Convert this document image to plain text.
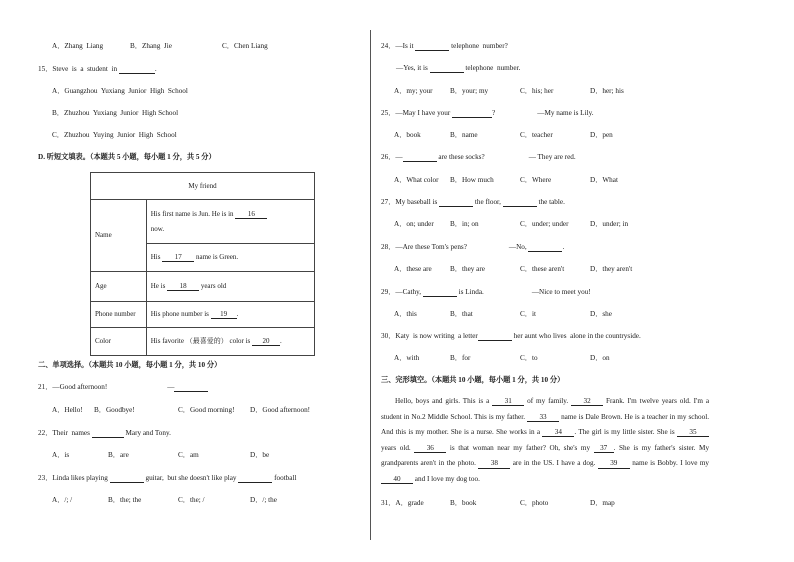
A．Zhang  Liang	B．Zhang  Jie	C．Chen Liang
15．Steve  is  a  student  in	.
A．Guangzhou  Yuxiang  Junior  High  School
B．Zhuzhou  Yuxiang  Junior  High School
C．Zhuzhou  Yuying  Junior  High  School
D. 听短文填表。（本题共 5 小题，每小题 1 分，共 5 分）
My friend	
Name	His first name is Jun. He is in 16
now.
	His 17 name is Green.
Age	He is 18 years old
Phone number	His phone number is 19 .
Color	His favorite （最喜爱的） color is 20 .
二、单项选择。（本题共 10 小题，每小题 1 分，共 10 分）
21．—Good afternoon!	—
A．Hello! B．Goodbye!	C．Good morning! D．Good afternoon!
22．Their  names	Mary and Tony.
A．is	B．are	C．am	D．be
23．Linda likes playing	guitar,  but she doesn't like play	football
A．/; /	B．the; the	C．the; /	D．/; the
24．—Is it	telephone  number?
—Yes, it is	telephone  number.
A．my; your B．your; my	C．his; her	D．her; his
25．—May I have your	?	—My name is Lily.
A．book	B．name	C．teacher	D．pen
26．—	are these socks?	— They are red.
A．What color B．How much	C．Where	D．What
27．My baseball is	the floor,	the table.
A．on; under B．in; on	C．under; under	D．under; in
28．—Are these Tom's pens?	—No,	.
A．these are	B．they are	C．these aren't	D．they aren't
29．—Cathy,	is Linda.	—Nice to meet you!
A．this	B．that	C．it	D．she
30．Katy  is now writing  a letter	her aunt who lives  alone in the countryside.
A．with	B．for	C．to	D．on
三、完形填空。（本题共 10 小题，每小题 1 分，共 10 分）
Hello, boys and girls. This is a 31 of my family. 32 Frank. I'm twelve years old. I'm a student in No.2 Middle School. This is my father. 33 name is Dale Brown. He is a teacher in my school. And this is my mother. She is a nurse. She works in a 34 . The girl is my little sister. She is 35 years old. 36 is that woman near my father? Oh, she's my 37 . She is my father's sister. My grandparents aren't in the photo. 38 are in the US. I have a dog. 39 name is Bobby. I love my 40 and I love my dog too.
31．A．grade	B．book	C．photo	D．map
